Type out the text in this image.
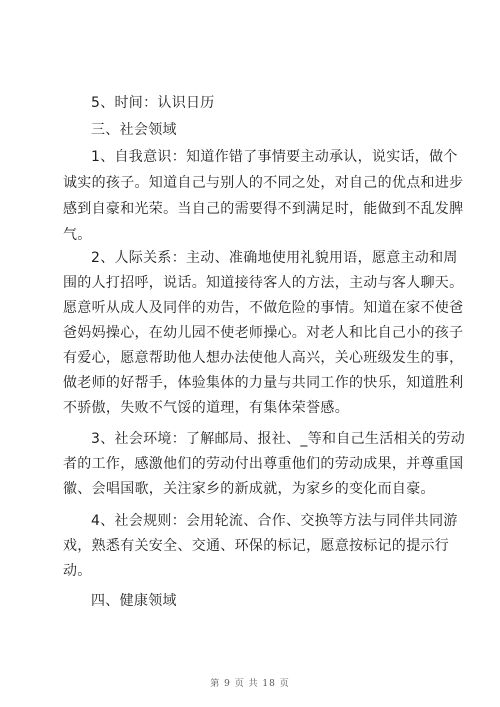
5、时间：认识日历
三、社会领域
1、自我意识：知道作错了事情要主动承认，说实话，做个
诚实的孩子。知道自己与别人的不同之处，对自己的优点和进步
感到自豪和光荣。当自己的需要得不到满足时，能做到不乱发脾
气。
2、人际关系：主动、准确地使用礼貌用语，愿意主动和周
围的人打招呼，说话。知道接待客人的方法，主动与客人聊天。
愿意听从成人及同伴的劝告，不做危险的事情。知道在家不使爸
爸妈妈操心，在幼儿园不使老师操心。对老人和比自己小的孩子
有爱心，愿意帮助他人想办法使他人高兴，关心班级发生的事，
做老师的好帮手，体验集体的力量与共同工作的快乐，知道胜利
不骄傲，失败不气馁的道理，有集体荣誉感。
3、社会环境：了解邮局、报社、_等和自己生活相关的劳动
者的工作，感激他们的劳动付出尊重他们的劳动成果，并尊重国
徽、会唱国歌，关注家乡的新成就，为家乡的变化而自豪。
4、社会规则：会用轮流、合作、交换等方法与同伴共同游
戏，熟悉有关安全、交通、环保的标记，愿意按标记的提示行
动。
四、健康领域
第 9 页 共 18 页
